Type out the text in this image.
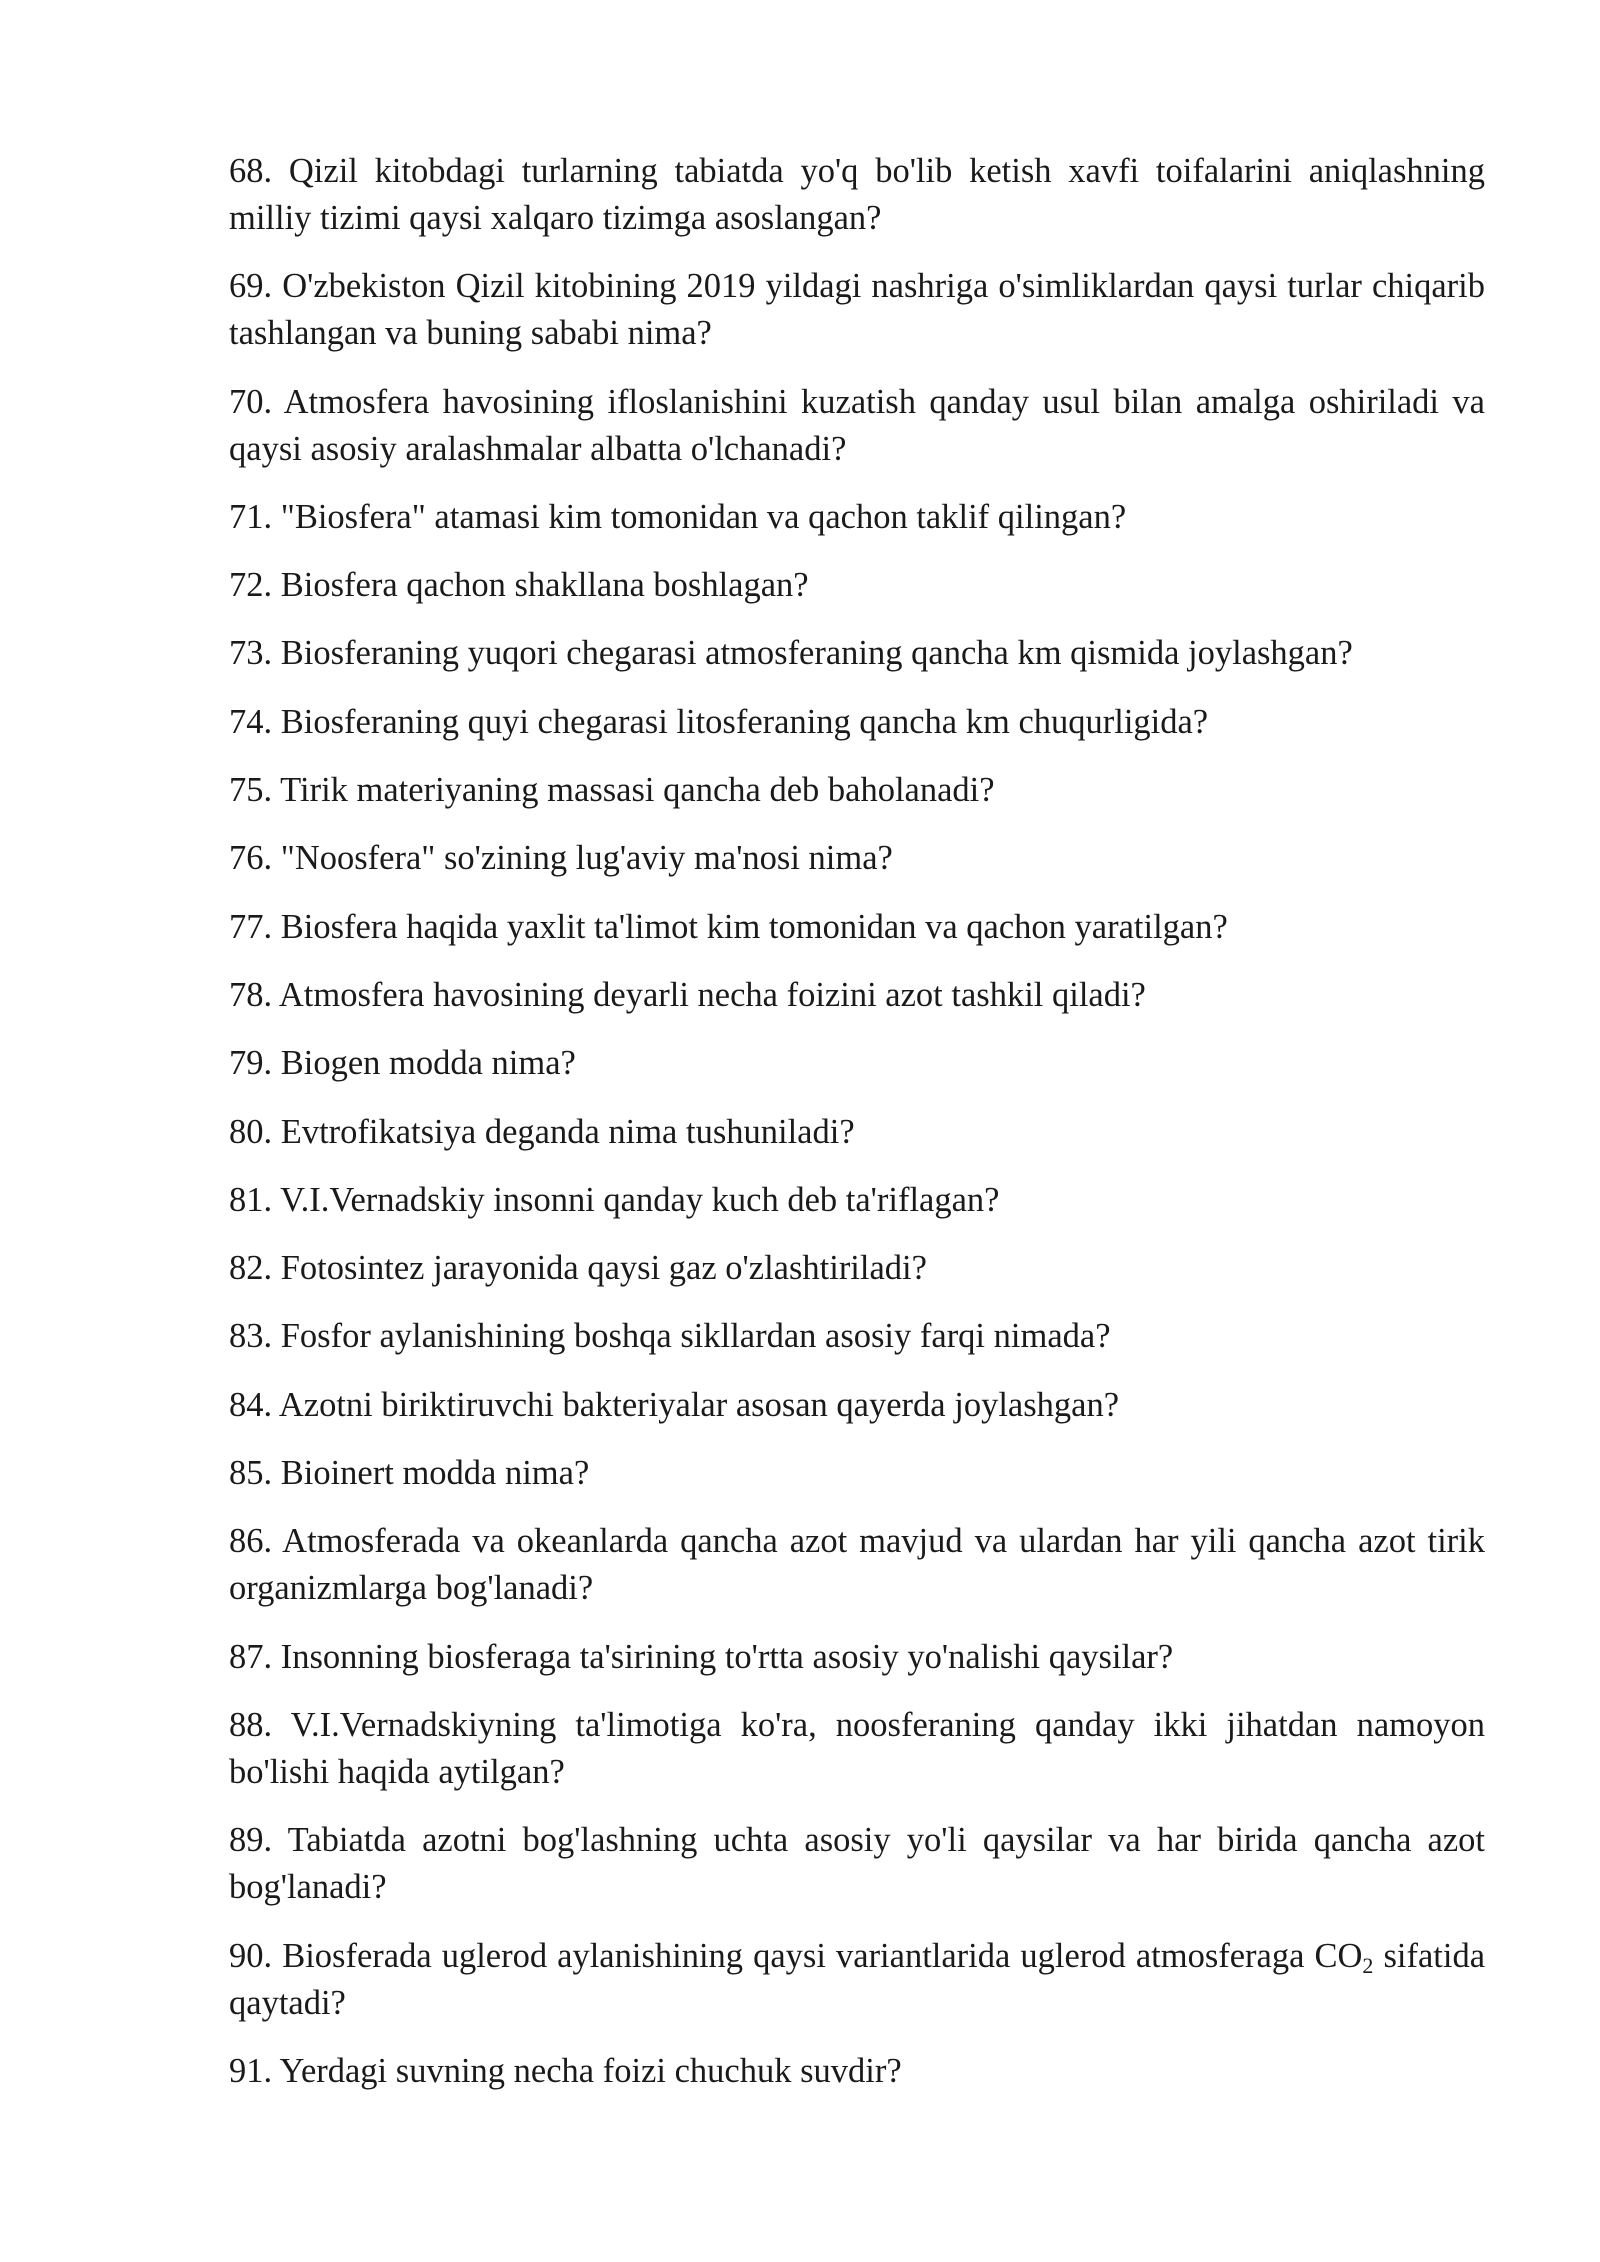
68. Qizil kitobdagi turlarning tabiatda yo'q bo'lib ketish xavfi toifalarini aniqlashning milliy tizimi qaysi xalqaro tizimga asoslangan?
69. O'zbekiston Qizil kitobining 2019 yildagi nashriga o'simliklardan qaysi turlar chiqarib tashlangan va buning sababi nima?
70. Atmosfera havosining ifloslanishini kuzatish qanday usul bilan amalga oshiriladi va qaysi asosiy aralashmalar albatta o'lchanadi?
71. "Biosfera" atamasi kim tomonidan va qachon taklif qilingan?
72. Biosfera qachon shakllana boshlagan?
73. Biosferaning yuqori chegarasi atmosferaning qancha km qismida joylashgan?
74. Biosferaning quyi chegarasi litosferaning qancha km chuqurligida?
75. Tirik materiyaning massasi qancha deb baholanadi?
76. "Noosfera" so'zining lug'aviy ma'nosi nima?
77. Biosfera haqida yaxlit ta'limot kim tomonidan va qachon yaratilgan?
78. Atmosfera havosining deyarli necha foizini azot tashkil qiladi?
79. Biogen modda nima?
80. Evtrofikatsiya deganda nima tushuniladi?
81. V.I.Vernadskiy insonni qanday kuch deb ta'riflagan?
82. Fotosintez jarayonida qaysi gaz o'zlashtiriladi?
83. Fosfor aylanishining boshqa sikllardan asosiy farqi nimada?
84. Azotni biriktiruvchi bakteriyalar asosan qayerda joylashgan?
85. Bioinert modda nima?
86. Atmosferada va okeanlarda qancha azot mavjud va ulardan har yili qancha azot tirik organizmlarga bog'lanadi?
87. Insonning biosferaga ta'sirining to'rtta asosiy yo'nalishi qaysilar?
88. V.I.Vernadskiyning ta'limotiga ko'ra, noosferaning qanday ikki jihatdan namoyon bo'lishi haqida aytilgan?
89. Tabiatda azotni bog'lashning uchta asosiy yo'li qaysilar va har birida qancha azot bog'lanadi?
90. Biosferada uglerod aylanishining qaysi variantlarida uglerod atmosferaga $CO_2$ sifatida qaytadi?
91. Yerdagi suvning necha foizi chuchuk suvdir?
